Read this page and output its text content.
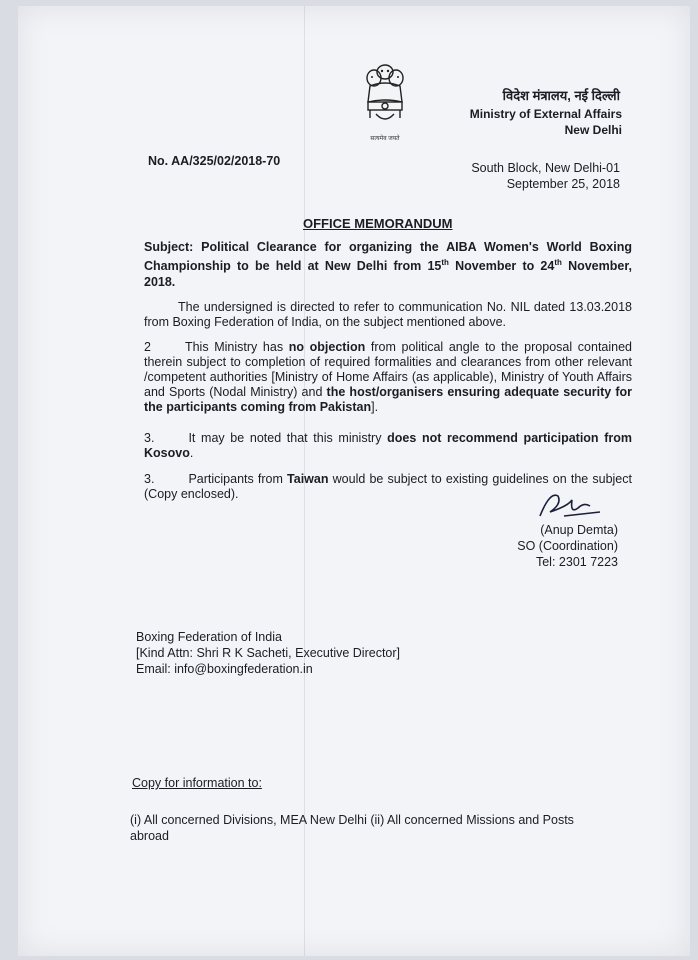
सत्यमेव जयते
विदेश मंत्रालय, नई दिल्ली
Ministry of External Affairs
New Delhi
No. AA/325/02/2018-70	South Block, New Delhi-01
September 25, 2018
OFFICE MEMORANDUM
Subject: Political Clearance for organizing the AIBA Women's World Boxing Championship to be held at New Delhi from 15th November to 24th November, 2018.
The undersigned is directed to refer to communication No. NIL dated 13.03.2018 from Boxing Federation of India, on the subject mentioned above.
2	This Ministry has no objection from political angle to the proposal contained therein subject to completion of required formalities and clearances from other relevant /competent authorities [Ministry of Home Affairs (as applicable), Ministry of Youth Affairs and Sports (Nodal Ministry) and the host/organisers ensuring adequate security for the participants coming from Pakistan].
3.	It may be noted that this ministry does not recommend participation from Kosovo.
3.	Participants from Taiwan would be subject to existing guidelines on the subject (Copy enclosed).
(Anup Demta)
SO (Coordination)
Tel: 2301 7223
Boxing Federation of India
[Kind Attn: Shri R K Sacheti, Executive Director]
Email: info@boxingfederation.in
Copy for information to:
(i) All concerned Divisions, MEA New Delhi (ii) All concerned Missions and Posts abroad
